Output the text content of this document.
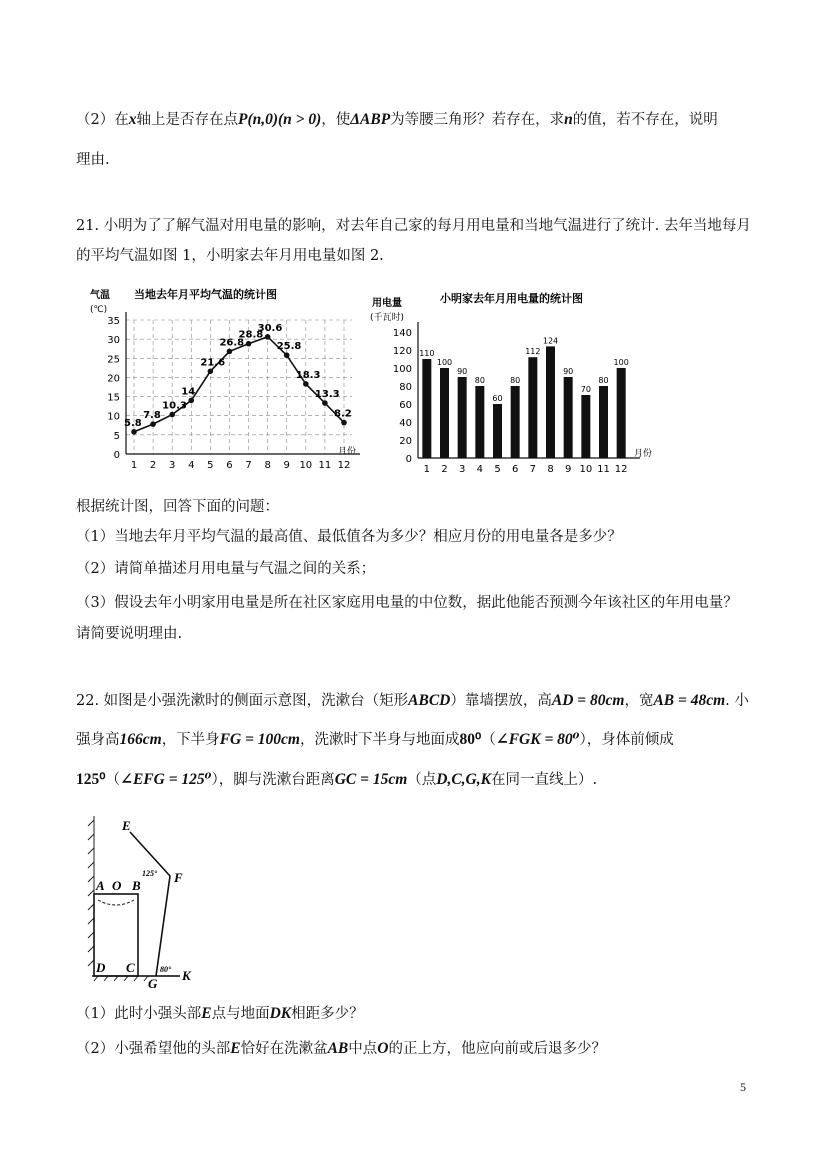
（2）在x轴上是否存在点P(n,0)(n > 0)，使ΔABP为等腰三角形？若存在，求n的值，若不存在，说明
理由.
21. 小明为了了解气温对用电量的影响，对去年自己家的每月用电量和当地气温进行了统计. 去年当地每月
的平均气温如图 1，小明家去年月用电量如图 2.
当地去年月平均气温的统计图
气温
(℃)
月份
5.8
7.8
10.3
14
21.6
26.8
28.8
30.6
25.8
18.3
13.3
8.2
0
5
10
15
20
25
30
35
1 2 3 4 5 6 7 8 9 10 11 12
小明家去年月用电量的统计图
用电量
(千瓦时)
月份
110
100
90
80
60
80
112
124
90
70
80
100
0
20
40
60
80
100
120
140
1 2 3 4 5 6 7 8 9 10 11 12
根据统计图，回答下面的问题：
（1）当地去年月平均气温的最高值、最低值各为多少？相应月份的用电量各是多少？
（2）请简单描述月用电量与气温之间的关系；
（3）假设去年小明家用电量是所在社区家庭用电量的中位数，据此他能否预测今年该社区的年用电量？
请简要说明理由.
22. 如图是小强洗漱时的侧面示意图，洗漱台（矩形ABCD）靠墙摆放，高AD = 80cm，宽AB = 48cm. 小
强身高166cm，下半身FG = 100cm，洗漱时下半身与地面成80⁰（∠FGK = 80⁰），身体前倾成
125⁰（∠EFG = 125⁰），脚与洗漱台距离GC = 15cm（点D,C,G,K在同一直线上）.
E
F
A O B
D C
G
K
125°
80°
（1）此时小强头部E点与地面DK相距多少？
（2）小强希望他的头部E恰好在洗漱盆AB中点O的正上方，他应向前或后退多少？
5
